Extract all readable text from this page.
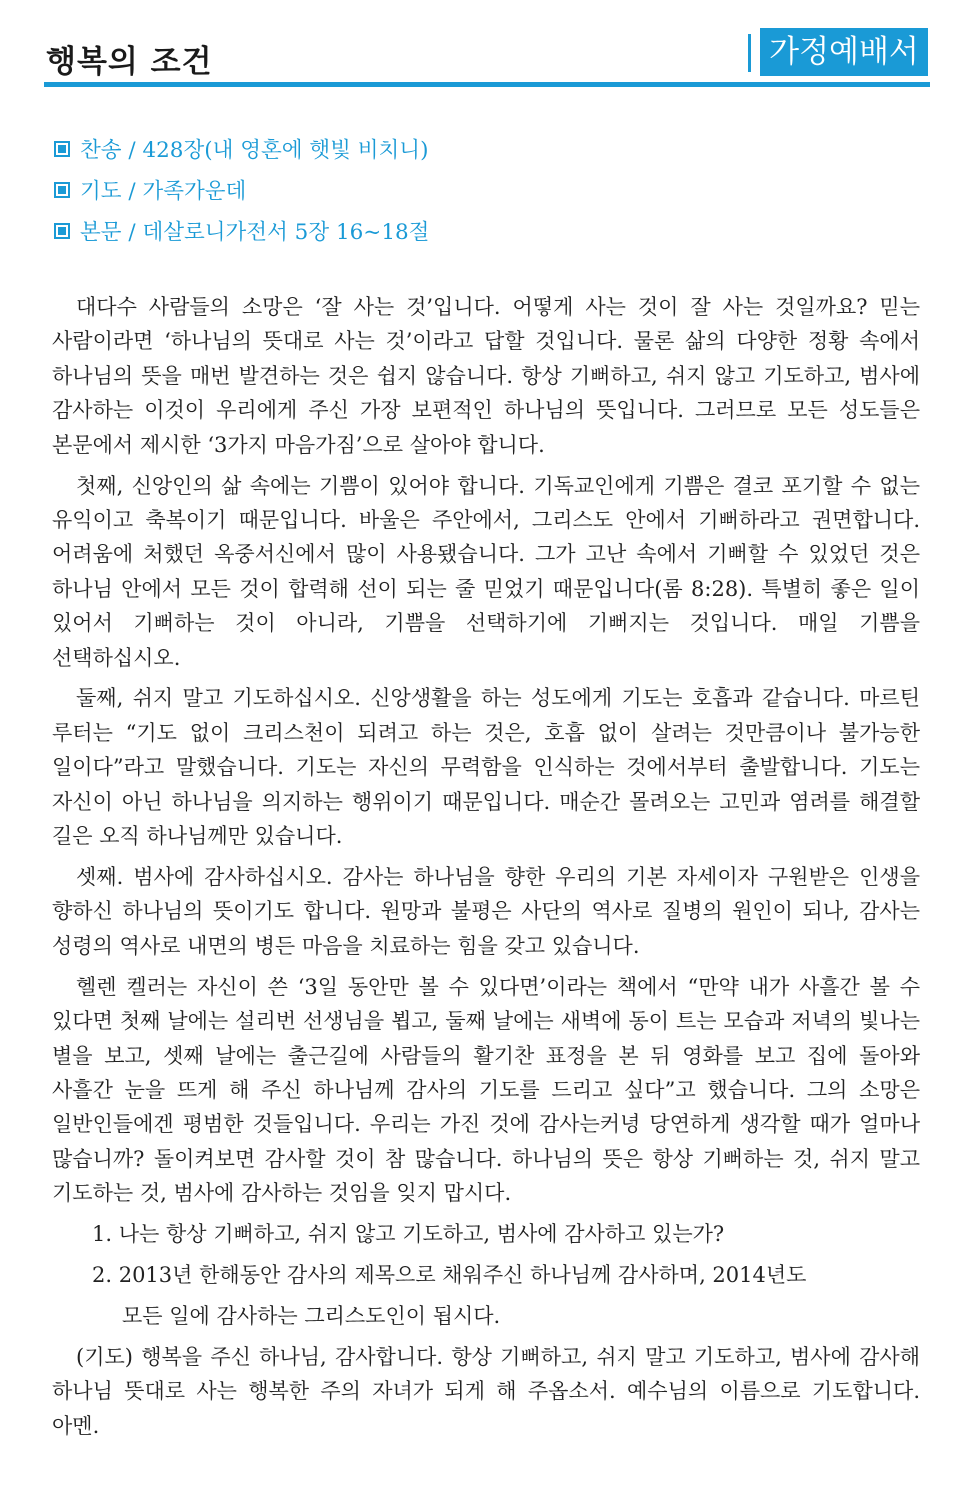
행복의 조건	가정예배서
찬송 / 428장(내 영혼에 햇빛 비치니)
기도 / 가족가운데
본문 / 데살로니가전서 5장 16~18절

대다수 사람들의 소망은 ‘잘 사는 것’입니다. 어떻게 사는 것이 잘 사는 것일까요? 믿는 사람이라면 ‘하나님의 뜻대로 사는 것’이라고 답할 것입니다. 물론 삶의 다양한 정황 속에서 하나님의 뜻을 매번 발견하는 것은 쉽지 않습니다. 항상 기뻐하고, 쉬지 않고 기도하고, 범사에 감사하는 이것이 우리에게 주신 가장 보편적인 하나님의 뜻입니다. 그러므로 모든 성도들은 본문에서 제시한 ‘3가지 마음가짐’으로 살아야 합니다.

첫째, 신앙인의 삶 속에는 기쁨이 있어야 합니다. 기독교인에게 기쁨은 결코 포기할 수 없는 유익이고 축복이기 때문입니다. 바울은 주안에서, 그리스도 안에서 기뻐하라고 권면합니다. 어려움에 처했던 옥중서신에서 많이 사용됐습니다. 그가 고난 속에서 기뻐할 수 있었던 것은 하나님 안에서 모든 것이 합력해 선이 되는 줄 믿었기 때문입니다(롬 8:28). 특별히 좋은 일이 있어서 기뻐하는 것이 아니라, 기쁨을 선택하기에 기뻐지는 것입니다. 매일 기쁨을 선택하십시오.

둘째, 쉬지 말고 기도하십시오. 신앙생활을 하는 성도에게 기도는 호흡과 같습니다. 마르틴 루터는 “기도 없이 크리스천이 되려고 하는 것은, 호흡 없이 살려는 것만큼이나 불가능한 일이다”라고 말했습니다. 기도는 자신의 무력함을 인식하는 것에서부터 출발합니다. 기도는 자신이 아닌 하나님을 의지하는 행위이기 때문입니다. 매순간 몰려오는 고민과 염려를 해결할 길은 오직 하나님께만 있습니다.

셋째. 범사에 감사하십시오. 감사는 하나님을 향한 우리의 기본 자세이자 구원받은 인생을 향하신 하나님의 뜻이기도 합니다. 원망과 불평은 사단의 역사로 질병의 원인이 되나, 감사는 성령의 역사로 내면의 병든 마음을 치료하는 힘을 갖고 있습니다.

헬렌 켈러는 자신이 쓴 ‘3일 동안만 볼 수 있다면’이라는 책에서 “만약 내가 사흘간 볼 수 있다면 첫째 날에는 설리번 선생님을 뵙고, 둘째 날에는 새벽에 동이 트는 모습과 저녁의 빛나는 별을 보고, 셋째 날에는 출근길에 사람들의 활기찬 표정을 본 뒤 영화를 보고 집에 돌아와 사흘간 눈을 뜨게 해 주신 하나님께 감사의 기도를 드리고 싶다”고 했습니다. 그의 소망은 일반인들에겐 평범한 것들입니다. 우리는 가진 것에 감사는커녕 당연하게 생각할 때가 얼마나 많습니까? 돌이켜보면 감사할 것이 참 많습니다. 하나님의 뜻은 항상 기뻐하는 것, 쉬지 말고 기도하는 것, 범사에 감사하는 것임을 잊지 맙시다.

1. 나는 항상 기뻐하고, 쉬지 않고 기도하고, 범사에 감사하고 있는가?

2. 2013년 한해동안 감사의 제목으로 채워주신 하나님께 감사하며, 2014년도

모든 일에 감사하는 그리스도인이 됩시다.

(기도) 행복을 주신 하나님, 감사합니다. 항상 기뻐하고, 쉬지 말고 기도하고, 범사에 감사해 하나님 뜻대로 사는 행복한 주의 자녀가 되게 해 주옵소서. 예수님의 이름으로 기도합니다. 아멘.
